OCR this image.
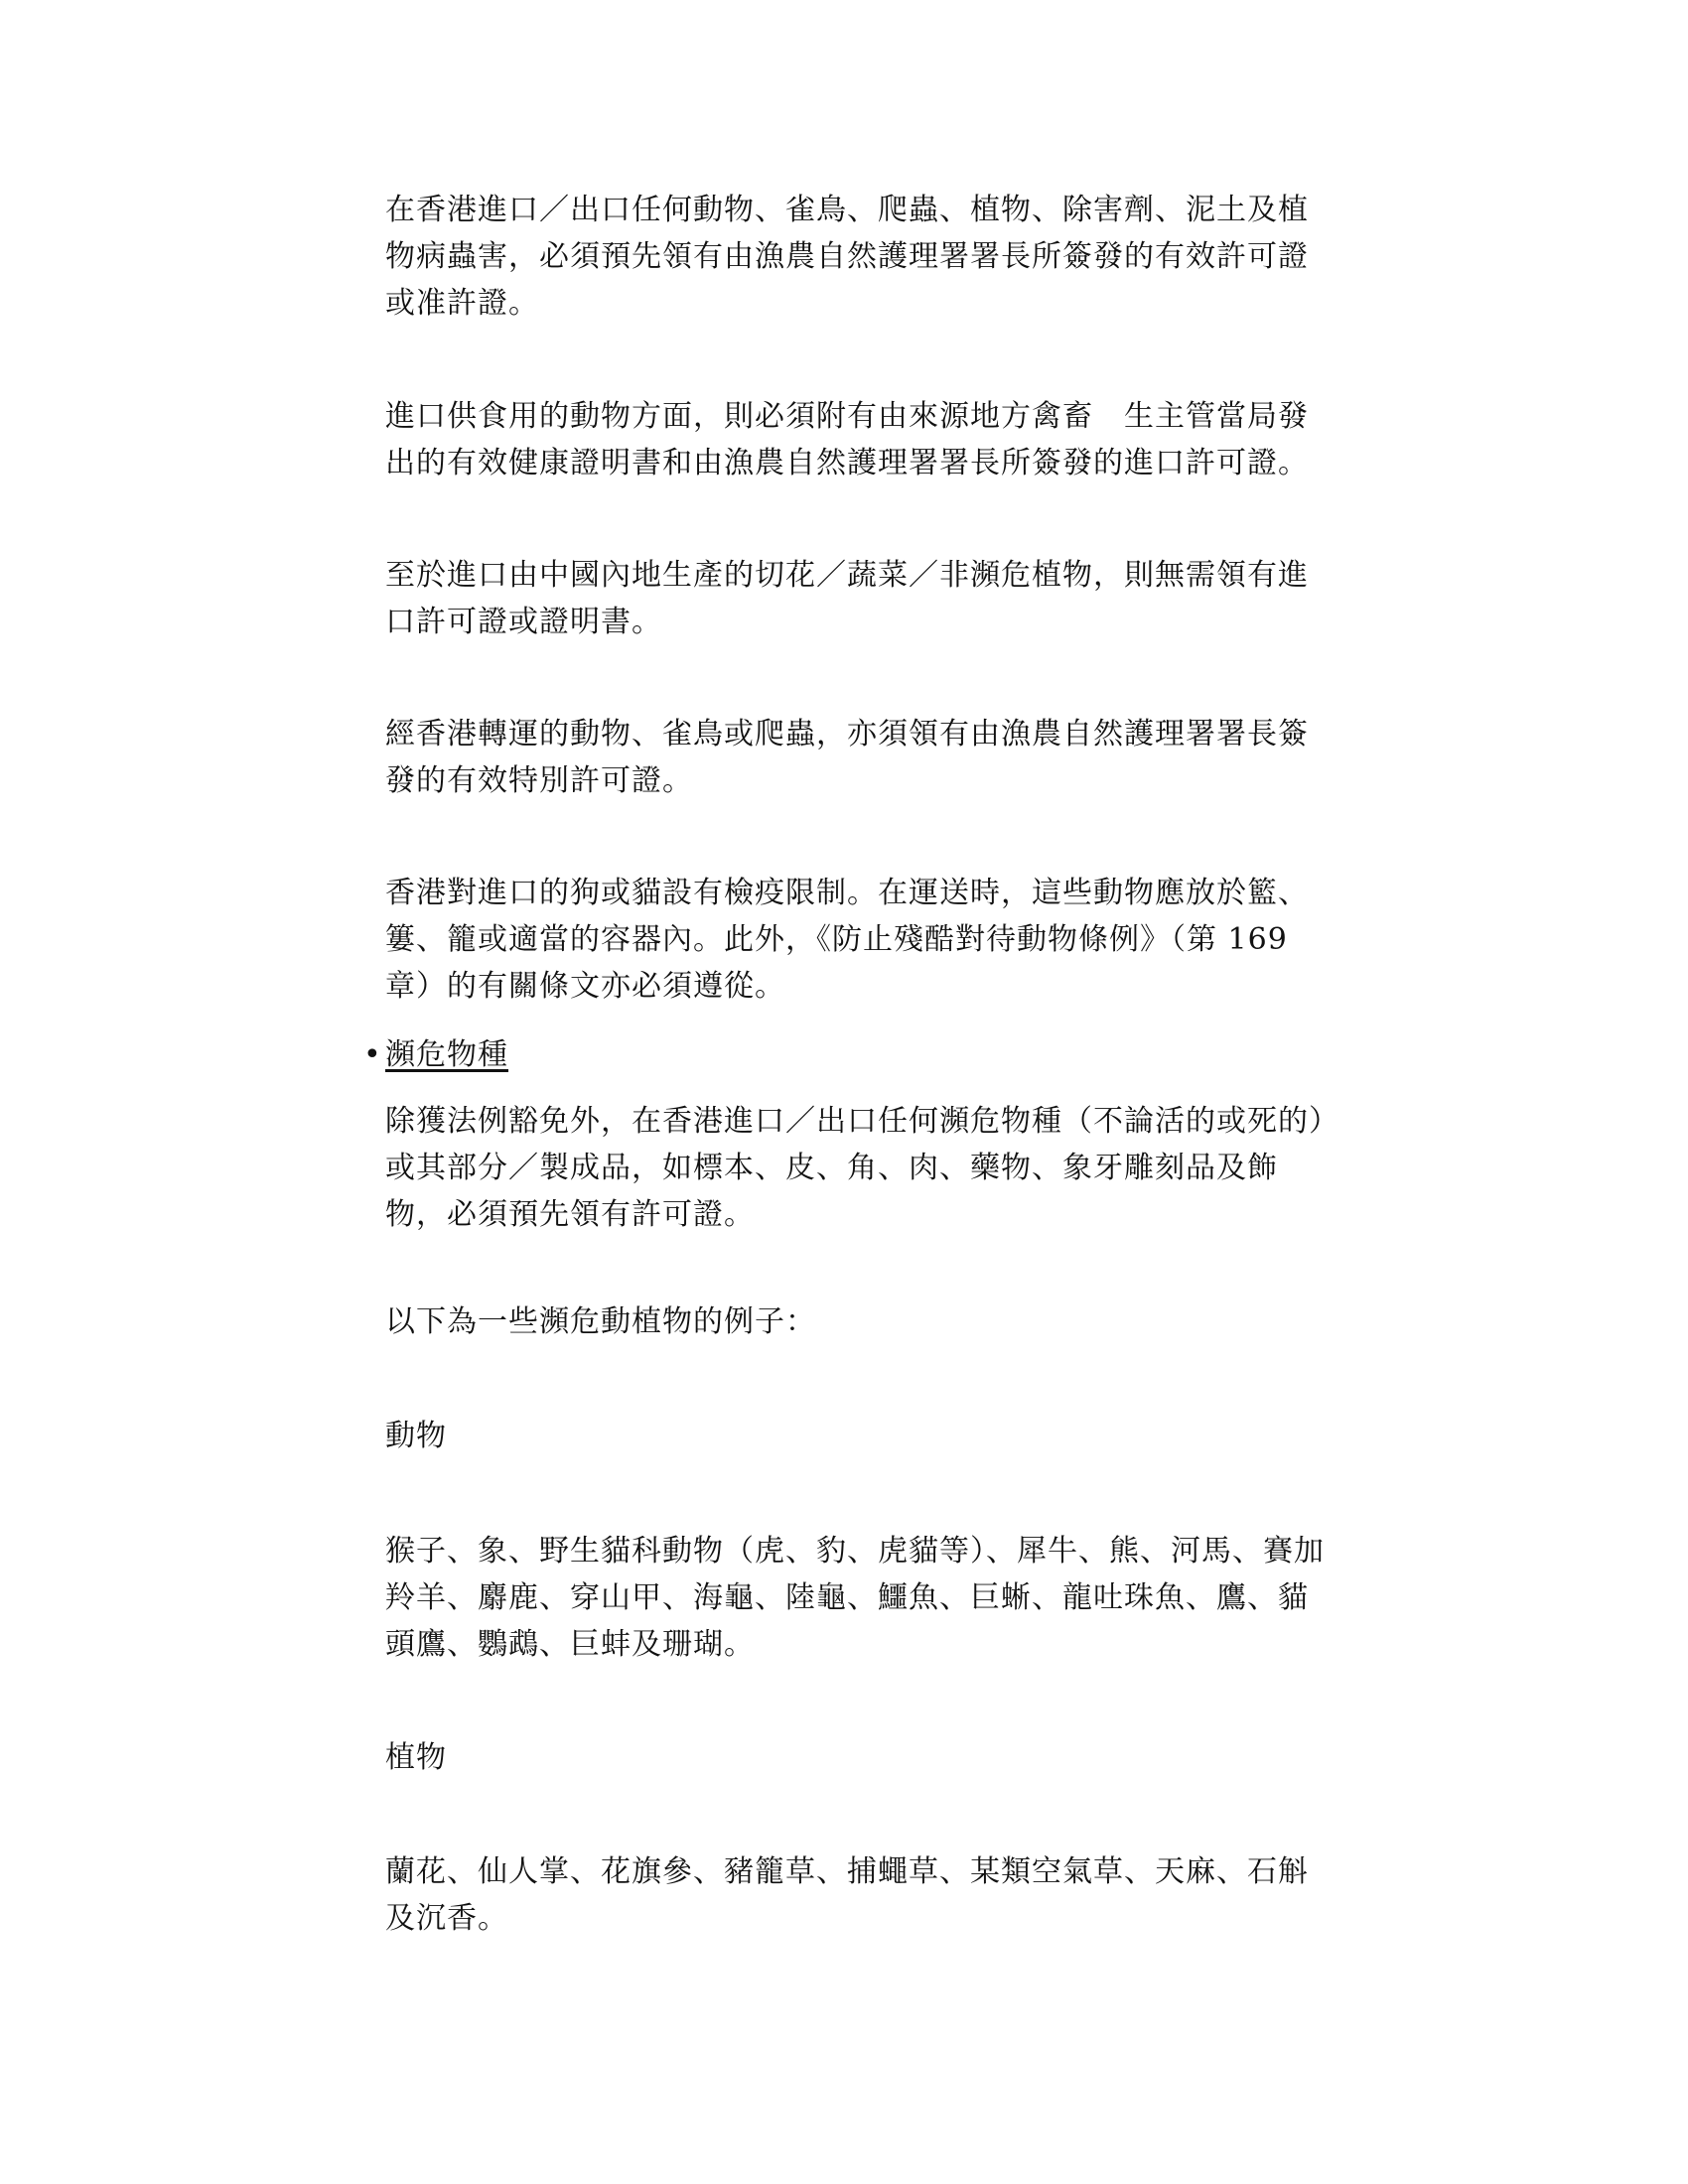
在香港進口／出口任何動物、雀鳥、爬蟲、植物、除害劑、泥土及植物病蟲害，必須預先領有由漁農自然護理署署長所簽發的有效許可證或准許證。

進口供食用的動物方面，則必須附有由來源地方禽畜　生主管當局發出的有效健康證明書和由漁農自然護理署署長所簽發的進口許可證。

至於進口由中國內地生產的切花／蔬菜／非瀕危植物，則無需領有進口許可證或證明書。

經香港轉運的動物、雀鳥或爬蟲，亦須領有由漁農自然護理署署長簽發的有效特別許可證。

香港對進口的狗或貓設有檢疫限制。在運送時，這些動物應放於籃、簍、籠或適當的容器內。此外，《防止殘酷對待動物條例》（第 169 章）的有關條文亦必須遵從。

• 瀕危物種

除獲法例豁免外，在香港進口／出口任何瀕危物種（不論活的或死的）或其部分／製成品，如標本、皮、角、肉、藥物、象牙雕刻品及飾物，必須預先領有許可證。

以下為一些瀕危動植物的例子：

動物

猴子、象、野生貓科動物（虎、豹、虎貓等）、犀牛、熊、河馬、賽加羚羊、麝鹿、穿山甲、海龜、陸龜、鱷魚、巨蜥、龍吐珠魚、鷹、貓頭鷹、鸚鵡、巨蚌及珊瑚。

植物

蘭花、仙人掌、花旗參、豬籠草、捕蠅草、某類空氣草、天麻、石斛及沉香。
